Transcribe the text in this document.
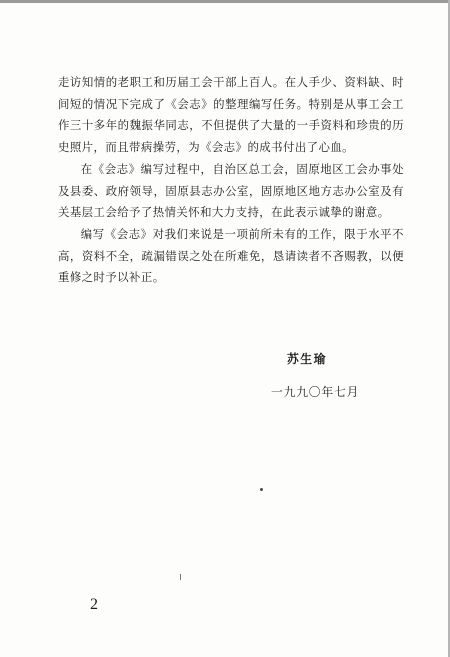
走访知情的老职工和历届工会干部上百人。在人手少、资料缺、时间短的情况下完成了《会志》的整理编写任务。特别是从事工会工作三十多年的魏振华同志，不但提供了大量的一手资料和珍贵的历史照片，而且带病操劳，为《会志》的成书付出了心血。

在《会志》编写过程中，自治区总工会，固原地区工会办事处及县委、政府领导，固原县志办公室，固原地区地方志办公室及有关基层工会给予了热情关怀和大力支持，在此表示诚挚的谢意。

编写《会志》对我们来说是一项前所未有的工作，限于水平不高，资料不全，疏漏错误之处在所难免，恳请读者不吝赐教，以便重修之时予以补正。

苏生瑜

一九九〇年七月

2
